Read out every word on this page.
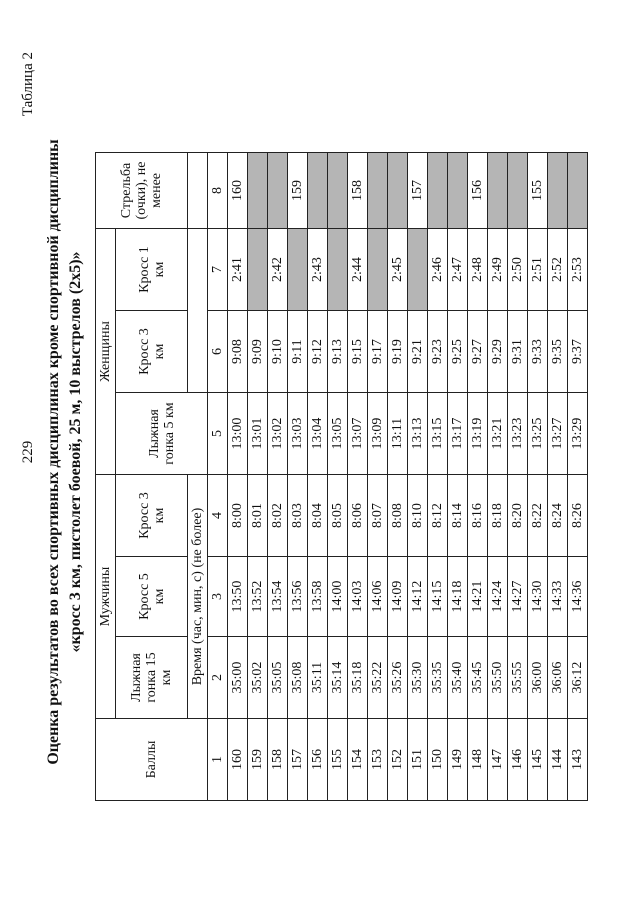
229
Таблица 2
Оценка результатов во всех спортивных дисциплинах кроме спортивной дисциплины «кросс 3 км, пистолет боевой, 25 м, 10 выстрелов (2х5)»
Баллы	Мужчины			Женщины			Стрельба (очки), не менее
	Лыжная гонка 15 км	Кросс 5 км	Кросс 3 км	Лыжная гонка 5 км	Кросс 3 км	Кросс 1 км	
	Время (час, мин, с) (не более)						
1	2	3	4	5	6	7	8
160	35:00	13:50	8:00	13:00	9:08	2:41	160
159	35:02	13:52	8:01	13:01	9:09		
158	35:05	13:54	8:02	13:02	9:10	2:42	
157	35:08	13:56	8:03	13:03	9:11		159
156	35:11	13:58	8:04	13:04	9:12	2:43	
155	35:14	14:00	8:05	13:05	9:13		
154	35:18	14:03	8:06	13:07	9:15	2:44	158
153	35:22	14:06	8:07	13:09	9:17		
152	35:26	14:09	8:08	13:11	9:19	2:45	
151	35:30	14:12	8:10	13:13	9:21		157
150	35:35	14:15	8:12	13:15	9:23	2:46	
149	35:40	14:18	8:14	13:17	9:25	2:47	
148	35:45	14:21	8:16	13:19	9:27	2:48	156
147	35:50	14:24	8:18	13:21	9:29	2:49	
146	35:55	14:27	8:20	13:23	9:31	2:50	
145	36:00	14:30	8:22	13:25	9:33	2:51	155
144	36:06	14:33	8:24	13:27	9:35	2:52	
143	36:12	14:36	8:26	13:29	9:37	2:53	
